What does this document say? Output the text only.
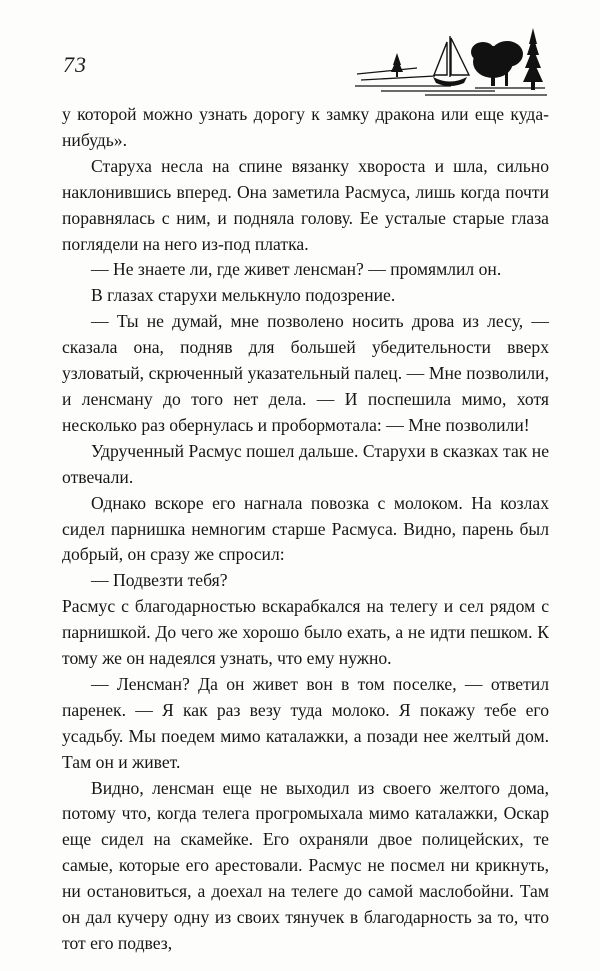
73

у которой можно узнать дорогу к замку дракона или еще куда-нибудь».

Старуха несла на спине вязанку хвороста и шла, сильно наклонившись вперед. Она заметила Расмуса, лишь когда почти поравнялась с ним, и подняла голову. Ее усталые старые глаза поглядели на него из-под платка.

— Не знаете ли, где живет ленсман? — промямлил он.

В глазах старухи мелькнуло подозрение.

— Ты не думай, мне позволено носить дрова из лесу, — сказала она, подняв для большей убедительности вверх узловатый, скрюченный указательный палец. — Мне позволили, и ленсману до того нет дела. — И поспешила мимо, хотя несколько раз обернулась и пробормотала: — Мне позволили!

Удрученный Расмус пошел дальше. Старухи в сказках так не отвечали.

Однако вскоре его нагнала повозка с молоком. На козлах сидел парнишка немногим старше Расмуса. Видно, парень был добрый, он сразу же спросил:

— Подвезти тебя?

Расмус с благодарностью вскарабкался на телегу и сел рядом с парнишкой. До чего же хорошо было ехать, а не идти пешком. К тому же он надеялся узнать, что ему нужно.

— Ленсман? Да он живет вон в том поселке, — ответил паренек. — Я как раз везу туда молоко. Я покажу тебе его усадьбу. Мы поедем мимо каталажки, а позади нее желтый дом. Там он и живет.

Видно, ленсман еще не выходил из своего желтого дома, потому что, когда телега прогромыхала мимо каталажки, Оскар еще сидел на скамейке. Его охраняли двое полицейских, те самые, которые его арестовали. Расмус не посмел ни крикнуть, ни остановиться, а доехал на телеге до самой маслобойни. Там он дал кучеру одну из своих тянучек в благодарность за то, что тот его подвез,
